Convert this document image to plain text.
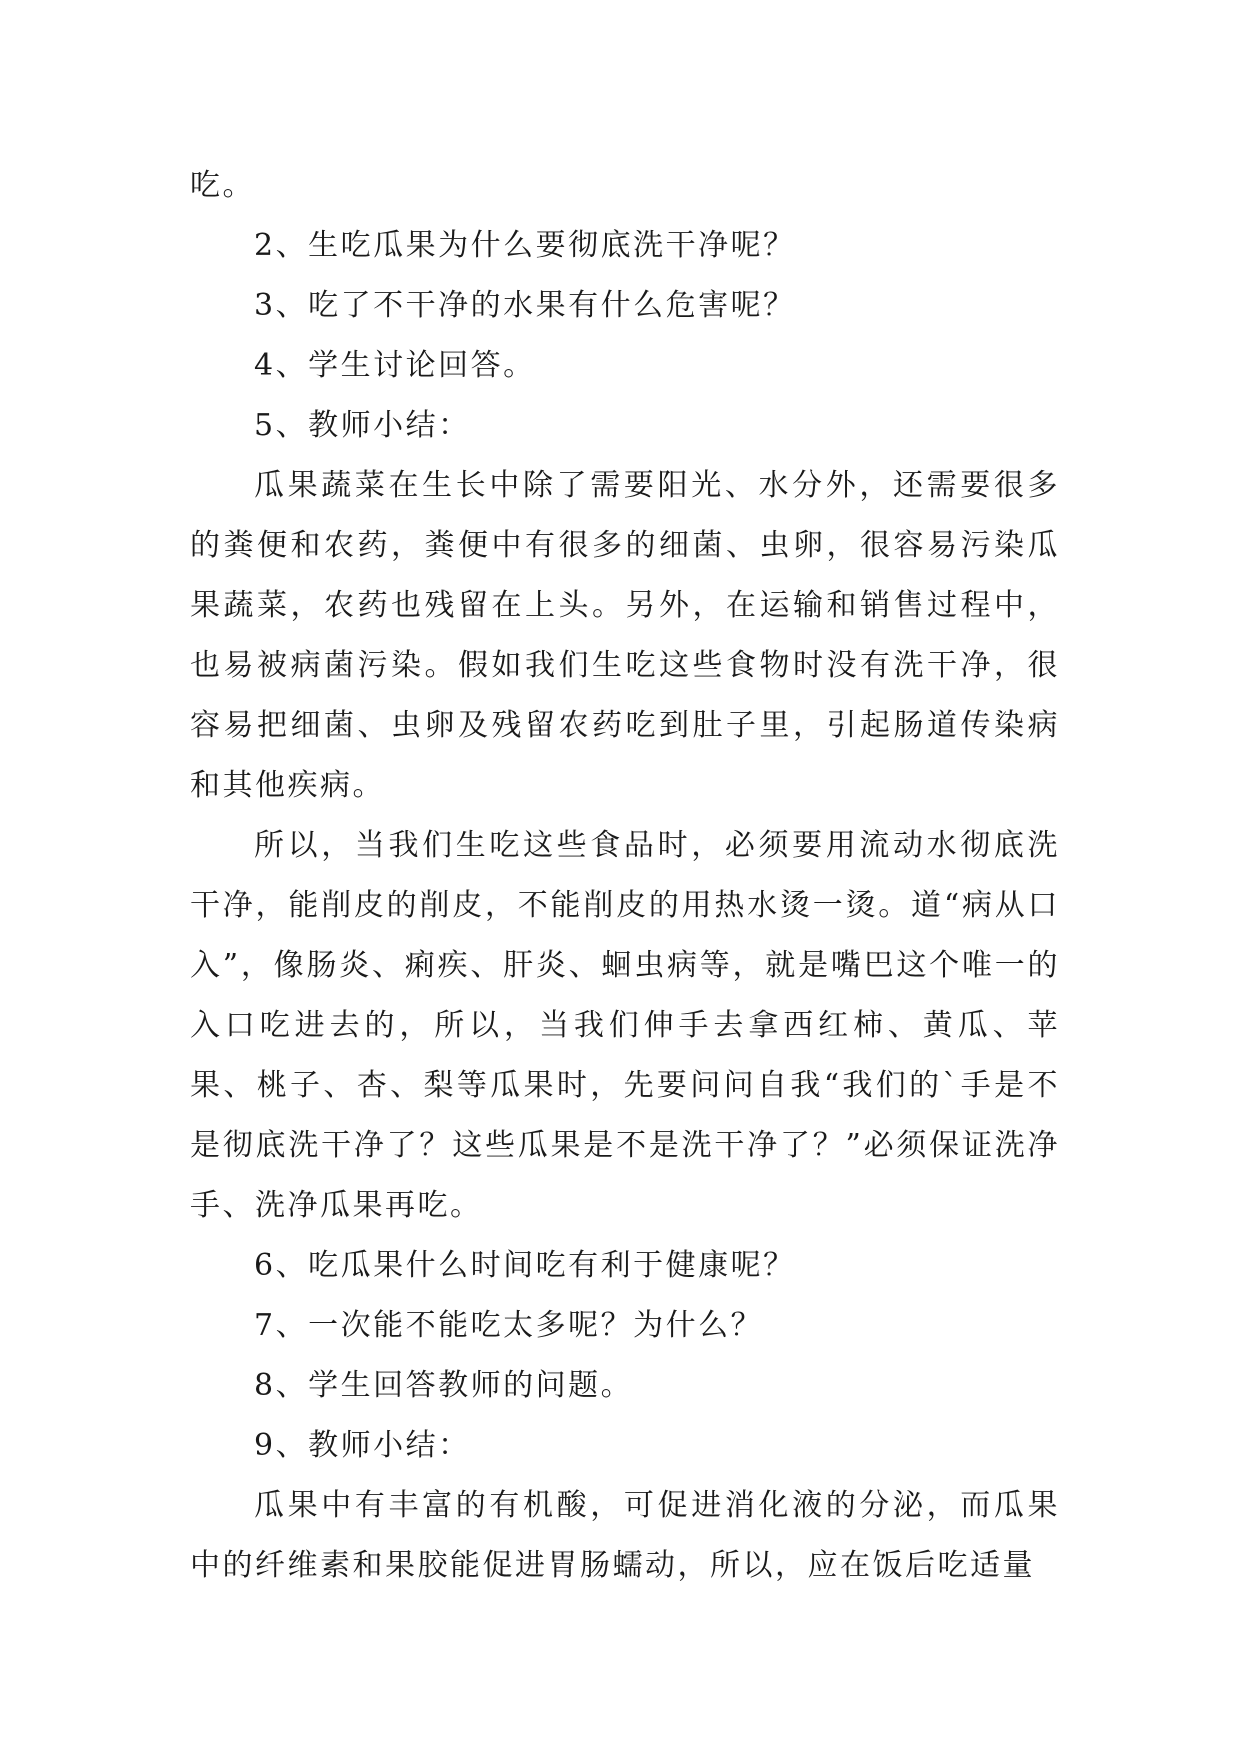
吃。

2、生吃瓜果为什么要彻底洗干净呢？

3、吃了不干净的水果有什么危害呢？

4、学生讨论回答。

5、教师小结：

瓜果蔬菜在生长中除了需要阳光、水分外，还需要很多的粪便和农药，粪便中有很多的细菌、虫卵，很容易污染瓜果蔬菜，农药也残留在上头。另外，在运输和销售过程中，也易被病菌污染。假如我们生吃这些食物时没有洗干净，很容易把细菌、虫卵及残留农药吃到肚子里，引起肠道传染病和其他疾病。

所以，当我们生吃这些食品时，必须要用流动水彻底洗干净，能削皮的削皮，不能削皮的用热水烫一烫。道“病从口入”，像肠炎、痢疾、肝炎、蛔虫病等，就是嘴巴这个唯一的入口吃进去的，所以，当我们伸手去拿西红柿、黄瓜、苹果、桃子、杏、梨等瓜果时，先要问问自我“我们的`手是不是彻底洗干净了？这些瓜果是不是洗干净了？”必须保证洗净手、洗净瓜果再吃。

6、吃瓜果什么时间吃有利于健康呢？

7、一次能不能吃太多呢？为什么？

8、学生回答教师的问题。

9、教师小结：

瓜果中有丰富的有机酸，可促进消化液的分泌，而瓜果中的纤维素和果胶能促进胃肠蠕动，所以，应在饭后吃适量
